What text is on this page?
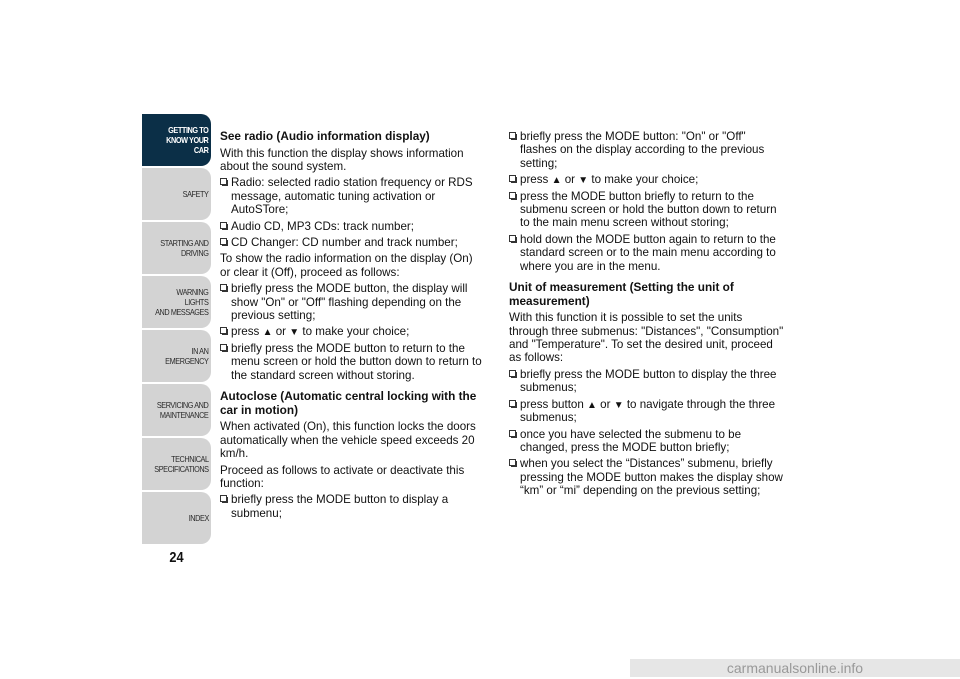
GETTING TO
KNOW YOUR CAR
SAFETY
STARTING AND
DRIVING
WARNING LIGHTS
AND MESSAGES
IN AN EMERGENCY
SERVICING AND
MAINTENANCE
TECHNICAL
SPECIFICATIONS
INDEX
24
See radio (Audio information display)

With this function the display shows information about the sound system.

Radio: selected radio station frequency or RDS message, automatic tuning activation or AutoSTore;
Audio CD, MP3 CDs: track number;
CD Changer: CD number and track number;

To show the radio information on the display (On) or clear it (Off), proceed as follows:

briefly press the MODE button, the display will show "On" or "Off" flashing depending on the previous setting;
press ▲ or ▼ to make your choice;
briefly press the MODE button to return to the menu screen or hold the button down to return to the standard screen without storing.
Autoclose (Automatic central locking with the car in motion)

When activated (On), this function locks the doors automatically when the vehicle speed exceeds 20 km/h.

Proceed as follows to activate or deactivate this function:

briefly press the MODE button to display a submenu;
briefly press the MODE button: "On" or "Off" flashes on the display according to the previous setting;
press ▲ or ▼ to make your choice;
press the MODE button briefly to return to the submenu screen or hold the button down to return to the main menu screen without storing;
hold down the MODE button again to return to the standard screen or to the main menu according to where you are in the menu.
Unit of measurement (Setting the unit of measurement)

With this function it is possible to set the units through three submenus: "Distances", "Consumption" and "Temperature". To set the desired unit, proceed as follows:

briefly press the MODE button to display the three submenus;
press button ▲ or ▼ to navigate through the three submenus;
once you have selected the submenu to be changed, press the MODE button briefly;
when you select the “Distances” submenu, briefly pressing the MODE button makes the display show “km” or “mi” depending on the previous setting;
carmanualsonline.info
